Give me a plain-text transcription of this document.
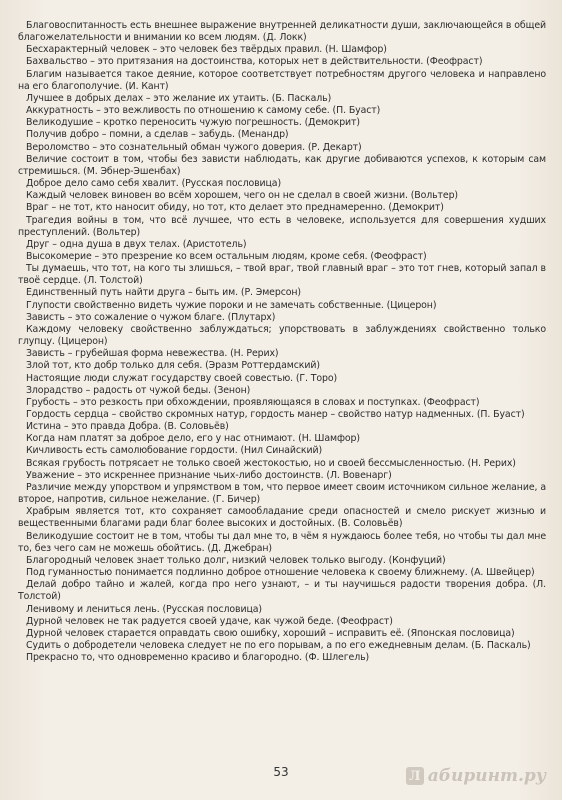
Благовоспитанность есть внешнее выражение внутренней деликатности души, заключающейся в общей благожелательности и внимании ко всем людям. (Д. Локк)

Бесхарактерный человек – это человек без твёрдых правил. (Н. Шамфор)

Бахвальство – это притязания на достоинства, которых нет в действительности. (Феофраст)

Благим называется такое деяние, которое соответствует потребностям другого человека и направлено на его благополучие. (И. Кант)

Лучшее в добрых делах – это желание их утаить. (Б. Паскаль)

Аккуратность – это вежливость по отношению к самому себе. (П. Буаст)

Великодушие – кротко переносить чужую погрешность. (Демокрит)

Получив добро – помни, а сделав – забудь. (Менандр)

Вероломство – это сознательный обман чужого доверия. (Р. Декарт)

Величие состоит в том, чтобы без зависти наблюдать, как другие добиваются успехов, к которым сам стремишься. (М. Эбнер-Эшенбах)

Доброе дело само себя хвалит. (Русская пословица)

Каждый человек виновен во всём хорошем, чего он не сделал в своей жизни. (Вольтер)

Враг – не тот, кто наносит обиду, но тот, кто делает это преднамеренно. (Демокрит)

Трагедия войны в том, что всё лучшее, что есть в человеке, используется для совершения худших преступлений. (Вольтер)

Друг – одна душа в двух телах. (Аристотель)

Высокомерие – это презрение ко всем остальным людям, кроме себя. (Феофраст)

Ты думаешь, что тот, на кого ты злишься, – твой враг, твой главный враг – это тот гнев, который запал в твоё сердце. (Л. Толстой)

Единственный путь найти друга – быть им. (Р. Эмерсон)

Глупости свойственно видеть чужие пороки и не замечать собственные. (Цицерон)

Зависть – это сожаление о чужом благе. (Плутарх)

Каждому человеку свойственно заблуждаться; упорствовать в заблуждениях свойственно только глупцу. (Цицерон)

Зависть – грубейшая форма невежества. (Н. Рерих)

Злой тот, кто добр только для себя. (Эразм Роттердамский)

Настоящие люди служат государству своей совестью. (Г. Торо)

Злорадство – радость от чужой беды. (Зенон)

Грубость – это резкость при обхождении, проявляющаяся в словах и поступках. (Феофраст)

Гордость сердца – свойство скромных натур, гордость манер – свойство натур надменных. (П. Буаст)

Истина – это правда Добра. (В. Соловьёв)

Когда нам платят за доброе дело, его у нас отнимают. (Н. Шамфор)

Кичливость есть самолюбование гордости. (Нил Синайский)

Всякая грубость потрясает не только своей жестокостью, но и своей бессмысленностью. (Н. Рерих)

Уважение – это искреннее признание чьих-либо достоинств. (Л. Вовенарг)

Различие между упорством и упрямством в том, что первое имеет своим источником сильное желание, а второе, напротив, сильное нежелание. (Г. Бичер)

Храбрым является тот, кто сохраняет самообладание среди опасностей и смело рискует жизнью и вещественными благами ради благ более высоких и достойных. (В. Соловьёв)

Великодушие состоит не в том, чтобы ты дал мне то, в чём я нуждаюсь более тебя, но чтобы ты дал мне то, без чего сам не можешь обойтись. (Д. Джебран)

Благородный человек знает только долг, низкий человек только выгоду. (Конфуций)

Под гуманностью понимается подлинно доброе отношение человека к своему ближнему. (А. Швейцер)

Делай добро тайно и жалей, когда про него узнают, – и ты научишься радости творения добра. (Л. Толстой)

Ленивому и лениться лень. (Русская пословица)

Дурной человек не так радуется своей удаче, как чужой беде. (Феофраст)

Дурной человек старается оправдать свою ошибку, хороший – исправить её. (Японская пословица)

Судить о добродетели человека следует не по его порывам, а по его ежедневным делам. (Б. Паскаль)

Прекрасно то, что одновременно красиво и благородно. (Ф. Шлегель)

53	Л абиринт.ру
